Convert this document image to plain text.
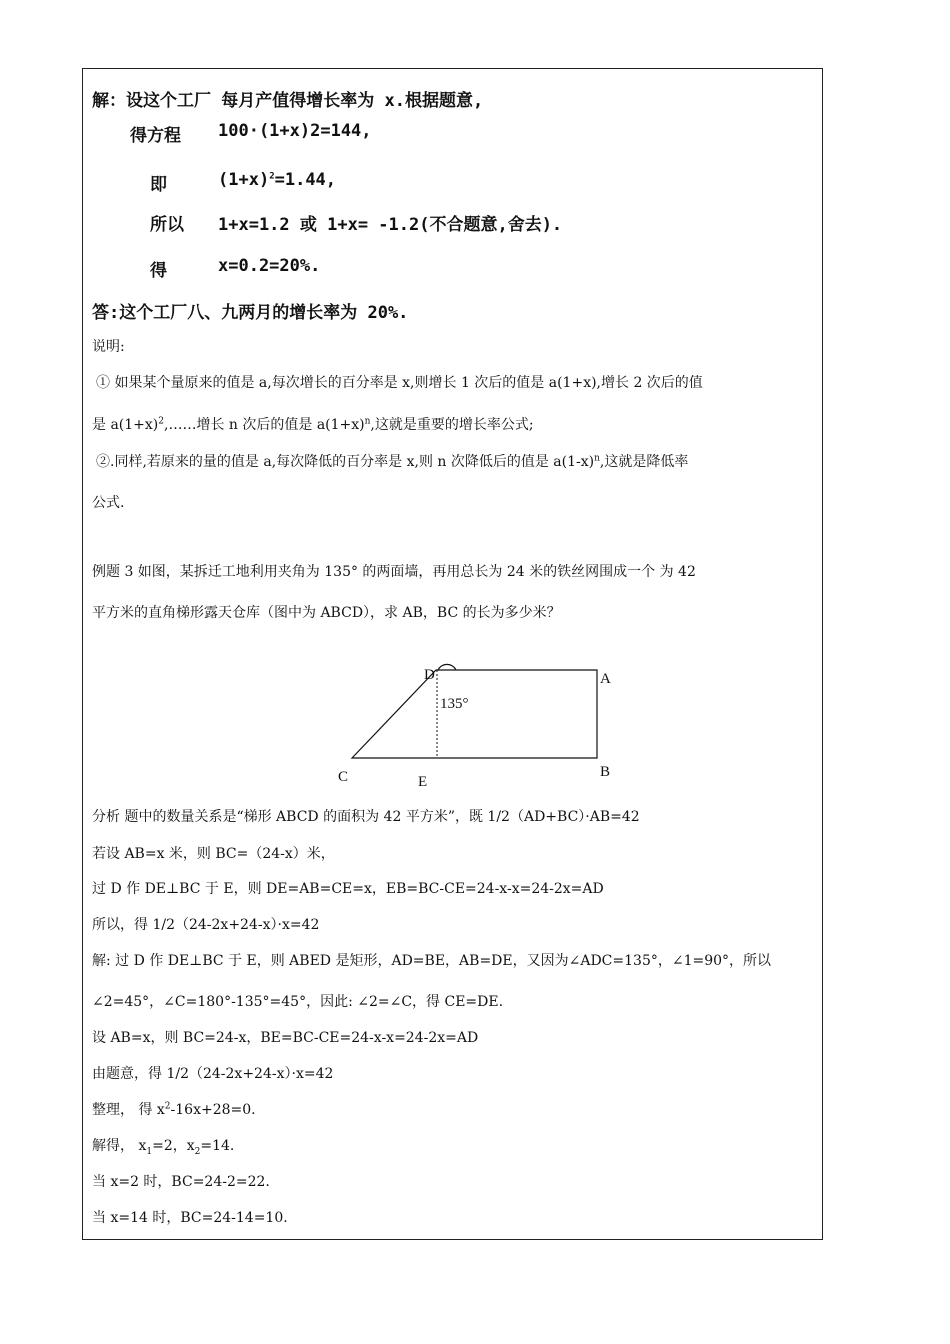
解：设这个工厂 每月产值得增长率为 x.根据题意,
得方程 100·(1+x)2=144,
即	$(1+x)^2=1.44$,
所以 1+x=1.2 或 1+x= -1.2(不合题意,舍去).
得	x=0.2=20%.
答:这个工厂八、九两月的增长率为 20%.
说明:
① 如果某个量原来的值是 a,每次增长的百分率是 x,则增长 1 次后的值是 a(1+x),增长 2 次后的值
是 $a(1+x)^2,\dots\dots$增长 n 次后的值是 $a(1+x)^n$,这就是重要的增长率公式;
②.同样,若原来的量的值是 a,每次降低的百分率是 x,则 n 次降低后的值是 $a(1-x)^n$,这就是降低率
公式.
例题 3 如图，某拆迁工地利用夹角为 135° 的两面墙，再用总长为 24 米的铁丝网围成一个 为 42
平方米的直角梯形露天仓库（图中为 ABCD），求 AB，BC 的长为多少米？
D	A
B
C	E
135°
分析 题中的数量关系是“梯形 ABCD 的面积为 42 平方米”，既 1/2（AD+BC）·AB=42
若设 AB=x 米，则 BC=（24-x）米，
过 D 作 DE⊥BC 于 E，则 DE=AB=CE=x，EB=BC-CE=24-x-x=24-2x=AD
所以，得 1/2（24-2x+24-x）·x=42
解: 过 D 作 DE⊥BC 于 E，则 ABED 是矩形，AD=BE，AB=DE，又因为∠ADC=135°，∠1=90°，所以
∠2=45°，∠C=180°-135°=45°，因此: ∠2=∠C，得 CE=DE.
设 AB=x，则 BC=24-x，BE=BC-CE=24-x-x=24-2x=AD
由题意，得 1/2（24-2x+24-x）·x=42
整理， 得 $x^2-16x+28=0$.
解得， $x_1=2$，$x_2=14$.
当 x=2 时，BC=24-2=22.
当 x=14 时，BC=24-14=10.
